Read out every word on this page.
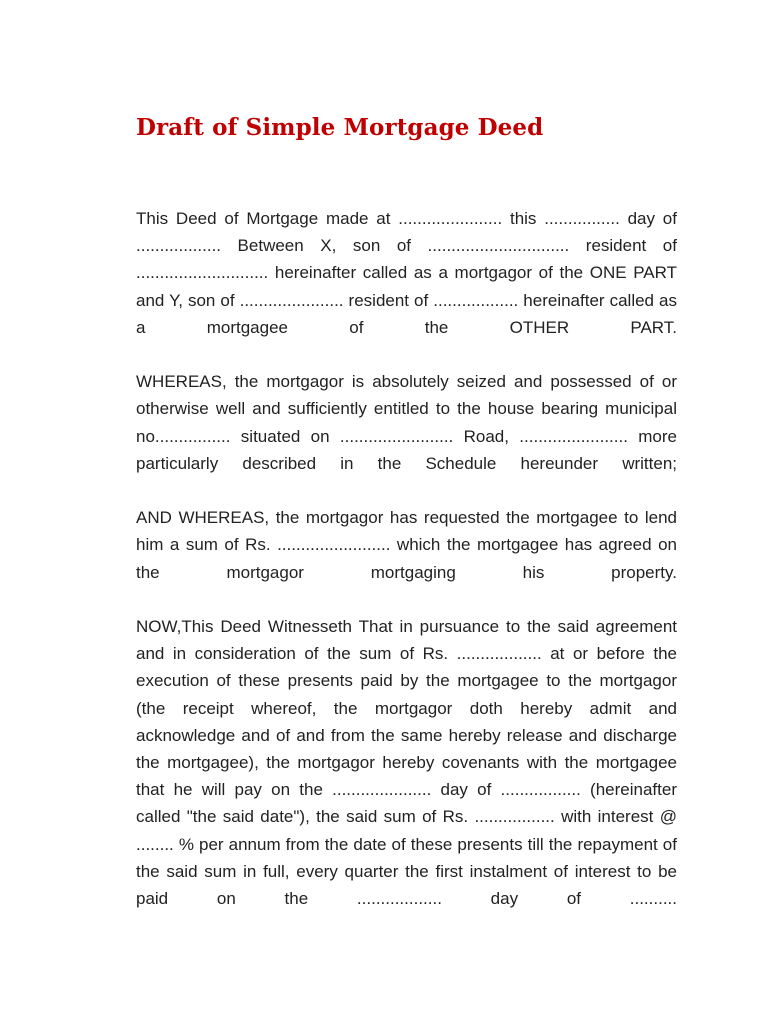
Draft of Simple Mortgage Deed

This Deed of Mortgage made at ...................... this ................ day of .................. Between X, son of .............................. resident of ............................ hereinafter called as a mortgagor of the ONE PART and Y, son of ...................... resident of .................. hereinafter called as a mortgagee of the OTHER PART.

WHEREAS, the mortgagor is absolutely seized and possessed of or otherwise well and sufficiently entitled to the house bearing municipal no................ situated on ........................ Road, ....................... more particularly described in the Schedule hereunder written;

AND WHEREAS, the mortgagor has requested the mortgagee to lend him a sum of Rs. ........................ which the mortgagee has agreed on the mortgagor mortgaging his property.

NOW,This Deed Witnesseth That in pursuance to the said agreement and in consideration of the sum of Rs. .................. at or before the execution of these presents paid by the mortgagee to the mortgagor (the receipt whereof, the mortgagor doth hereby admit and acknowledge and of and from the same hereby release and discharge the mortgagee), the mortgagor hereby covenants with the mortgagee that he will pay on the ..................... day of ................. (hereinafter called "the said date"), the said sum of Rs. ................. with interest @ ........ % per annum from the date of these presents till the repayment of the said sum in full, every quarter the first instalment of interest to be paid on the .................. day of ..........
